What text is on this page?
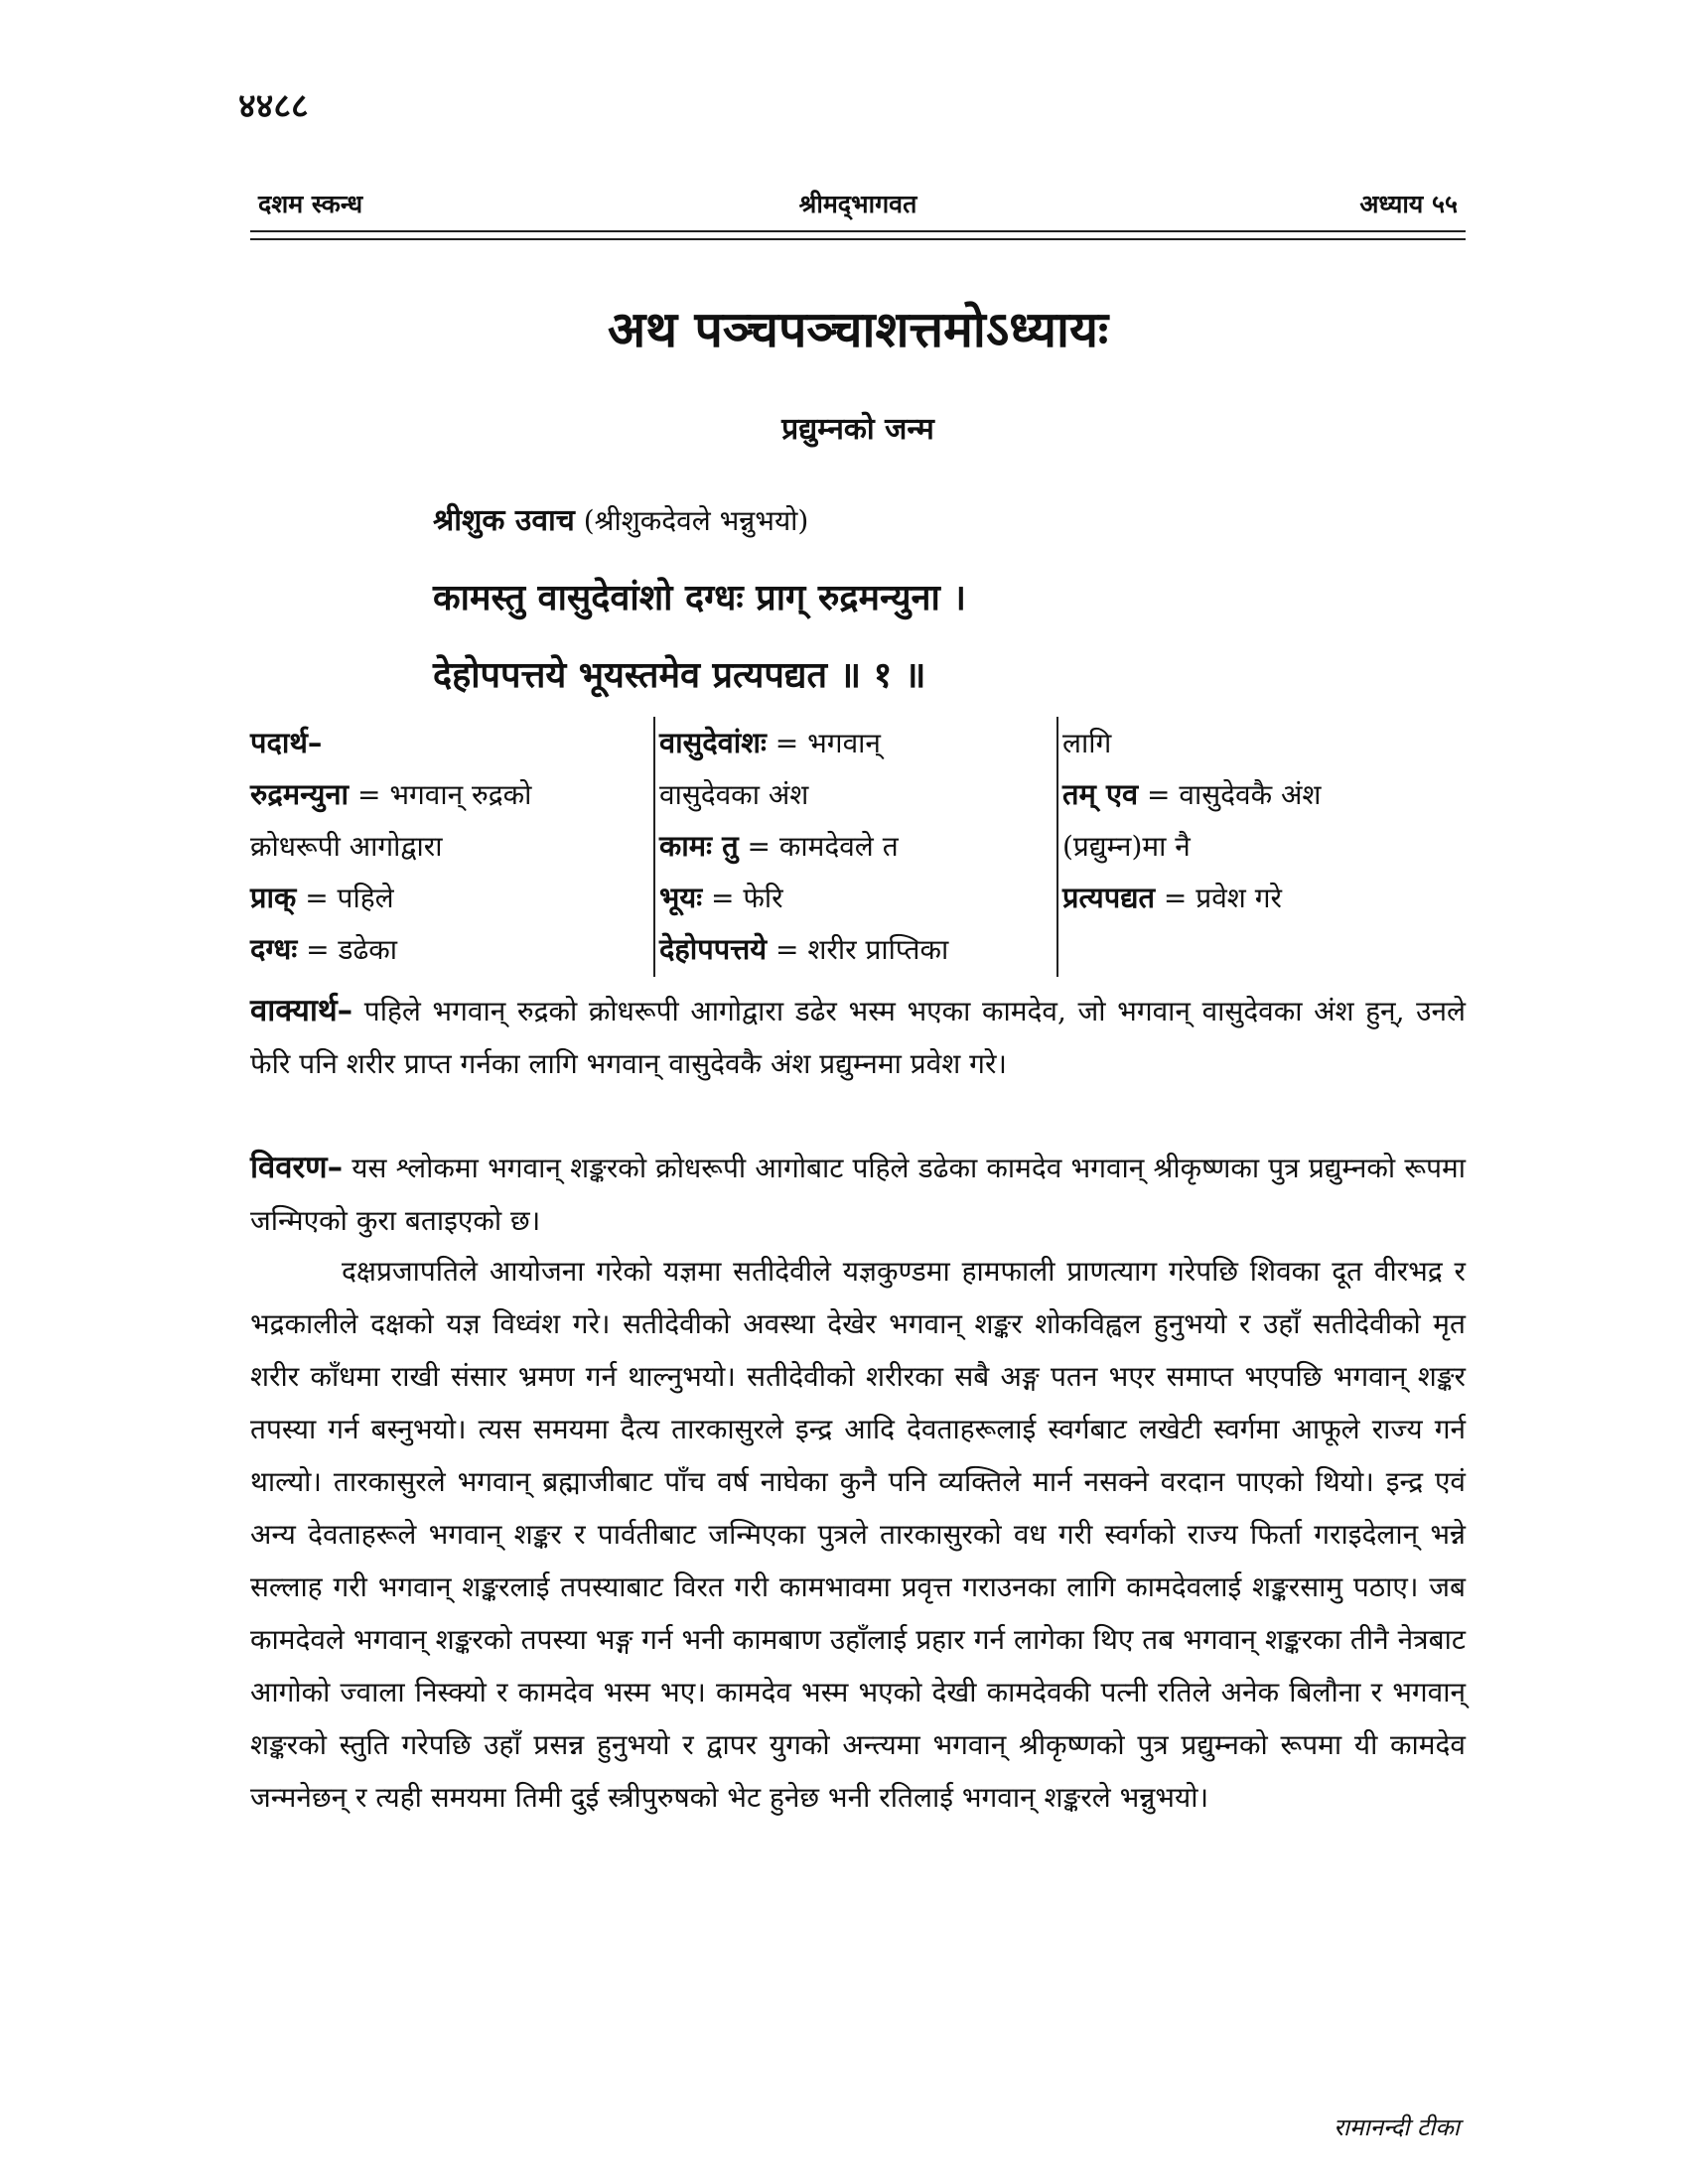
४४८८
दशम स्कन्ध	श्रीमद्‌भागवत	अध्याय ५५
अथ पञ्चपञ्चाशत्तमोऽध्यायः
प्रद्युम्नको जन्म
श्रीशुक उवाच (श्रीशुकदेवले भन्नुभयो)
कामस्तु वासुदेवांशो दग्धः प्राग् रुद्रमन्युना ।
देहोपपत्तये भूयस्तमेव प्रत्यपद्यत ॥ १ ॥
पदार्थ–
रुद्रमन्युना = भगवान् रुद्रको
क्रोधरूपी आगोद्वारा
प्राक् = पहिले
दग्धः = डढेका
वासुदेवांशः = भगवान्
वासुदेवका अंश
कामः तु = कामदेवले त
भूयः = फेरि
देहोपपत्तये = शरीर प्राप्तिका
लागि
तम् एव = वासुदेवकै अंश
(प्रद्युम्न)मा नै
प्रत्यपद्यत = प्रवेश गरे

वाक्यार्थ– पहिले भगवान् रुद्रको क्रोधरूपी आगोद्वारा डढेर भस्म भएका कामदेव, जो भगवान् वासुदेवका अंश हुन्, उनले फेरि पनि शरीर प्राप्त गर्नका लागि भगवान् वासुदेवकै अंश प्रद्युम्नमा प्रवेश गरे।

विवरण– यस श्लोकमा भगवान् शङ्करको क्रोधरूपी आगोबाट पहिले डढेका कामदेव भगवान् श्रीकृष्णका पुत्र प्रद्युम्नको रूपमा जन्मिएको कुरा बताइएको छ।

दक्षप्रजापतिले आयोजना गरेको यज्ञमा सतीदेवीले यज्ञकुण्डमा हामफाली प्राणत्याग गरेपछि शिवका दूत वीरभद्र र भद्रकालीले दक्षको यज्ञ विध्वंश गरे। सतीदेवीको अवस्था देखेर भगवान् शङ्कर शोकविह्वल हुनुभयो र उहाँ सतीदेवीको मृत शरीर काँधमा राखी संसार भ्रमण गर्न थाल्नुभयो। सतीदेवीको शरीरका सबै अङ्ग पतन भएर समाप्त भएपछि भगवान् शङ्कर तपस्या गर्न बस्नुभयो। त्यस समयमा दैत्य तारकासुरले इन्द्र आदि देवताहरूलाई स्वर्गबाट लखेटी स्वर्गमा आफूले राज्य गर्न थाल्यो। तारकासुरले भगवान् ब्रह्माजीबाट पाँच वर्ष नाघेका कुनै पनि व्यक्तिले मार्न नसक्ने वरदान पाएको थियो। इन्द्र एवं अन्य देवताहरूले भगवान् शङ्कर र पार्वतीबाट जन्मिएका पुत्रले तारकासुरको वध गरी स्वर्गको राज्य फिर्ता गराइदेलान् भन्ने सल्लाह गरी भगवान् शङ्करलाई तपस्याबाट विरत गरी कामभावमा प्रवृत्त गराउनका लागि कामदेवलाई शङ्करसामु पठाए। जब कामदेवले भगवान् शङ्करको तपस्या भङ्ग गर्न भनी कामबाण उहाँलाई प्रहार गर्न लागेका थिए तब भगवान् शङ्करका तीनै नेत्रबाट आगोको ज्वाला निस्क्यो र कामदेव भस्म भए। कामदेव भस्म भएको देखी कामदेवकी पत्नी रतिले अनेक बिलौना र भगवान् शङ्करको स्तुति गरेपछि उहाँ प्रसन्न हुनुभयो र द्वापर युगको अन्त्यमा भगवान् श्रीकृष्णको पुत्र प्रद्युम्नको रूपमा यी कामदेव जन्मनेछन् र त्यही समयमा तिमी दुई स्त्रीपुरुषको भेट हुनेछ भनी रतिलाई भगवान् शङ्करले भन्नुभयो।

रामानन्दी टीका
